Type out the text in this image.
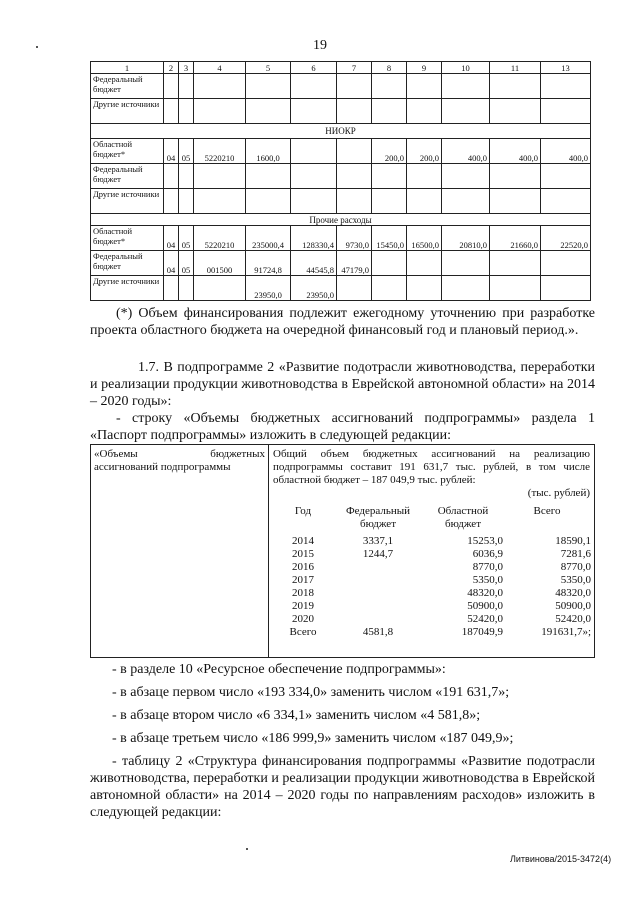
19
1	2	3	4	5	6	7	8	9	10	11	13
Федеральный бюджет											
Другие источники											
НИОКР											
Областной бюджет*	04	05	5220210	1600,0			200,0	200,0	400,0	400,0	400,0
Федеральный бюджет											
Другие источники											
Прочие расходы											
Областной бюджет*	04	05	5220210	235000,4	128330,4	9730,0	15450,0	16500,0	20810,0	21660,0	22520,0
Федеральный бюджет	04	05	001500	91724,8	44545,8	47179,0					
Другие источники				23950,0	23950,0						
(*) Объем финансирования подлежит ежегодному уточнению при разработке проекта областного бюджета на очередной финансовый год и плановый период.».
1.7. В подпрограмме 2 «Развитие подотрасли животноводства, переработки и реализации продукции животноводства в Еврейской автономной области» на 2014 – 2020 годы»:
- строку «Объемы бюджетных ассигнований подпрограммы» раздела 1 «Паспорт подпрограммы» изложить в следующей редакции:
«Объемы	бюджетных
ассигнований подпрограммы
Общий объем бюджетных ассигнований на реализацию подпрограммы составит 191 631,7 тыс. рублей, в том числе областной бюджет – 187 049,9 тыс. рублей:
(тыс. рублей)
Год	Федеральный бюджет	Областной бюджет	Всего
2014	3337,1	15253,0	18590,1
2015	1244,7	6036,9	7281,6
2016		8770,0	8770,0
2017		5350,0	5350,0
2018		48320,0	48320,0
2019		50900,0	50900,0
2020		52420,0	52420,0
Всего	4581,8	187049,9	191631,7»;
- в разделе 10 «Ресурсное обеспечение подпрограммы»:
- в абзаце первом число «193 334,0» заменить числом «191 631,7»;
- в абзаце втором число «6 334,1» заменить числом «4 581,8»;
- в абзаце третьем число «186 999,9» заменить числом «187 049,9»;
- таблицу 2 «Структура финансирования подпрограммы «Развитие подотрасли животноводства, переработки и реализации продукции животноводства в Еврейской автономной области» на 2014 – 2020 годы по направлениям расходов» изложить в следующей редакции:
Литвинова/2015-3472(4)
